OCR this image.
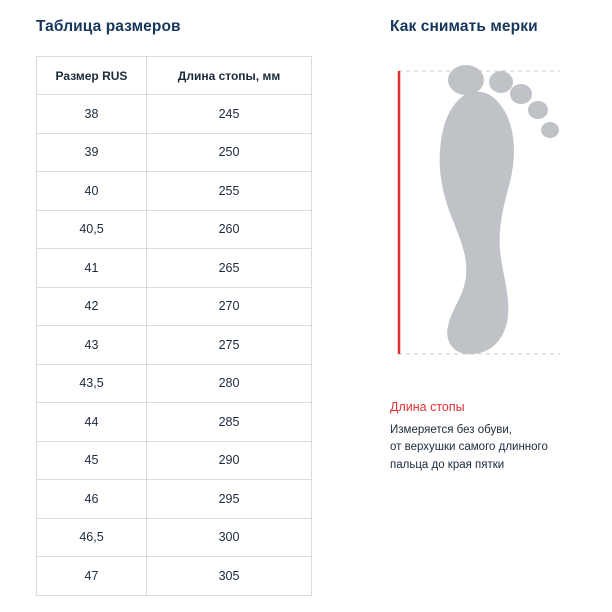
Таблица размеров
Размер RUS	Длина стопы, мм
38	245
39	250
40	255
40,5	260
41	265
42	270
43	275
43,5	280
44	285
45	290
46	295
46,5	300
47	305
Как снимать мерки
Длина стопы
Измеряется без обуви,
от верхушки самого длинного
пальца до края пятки
